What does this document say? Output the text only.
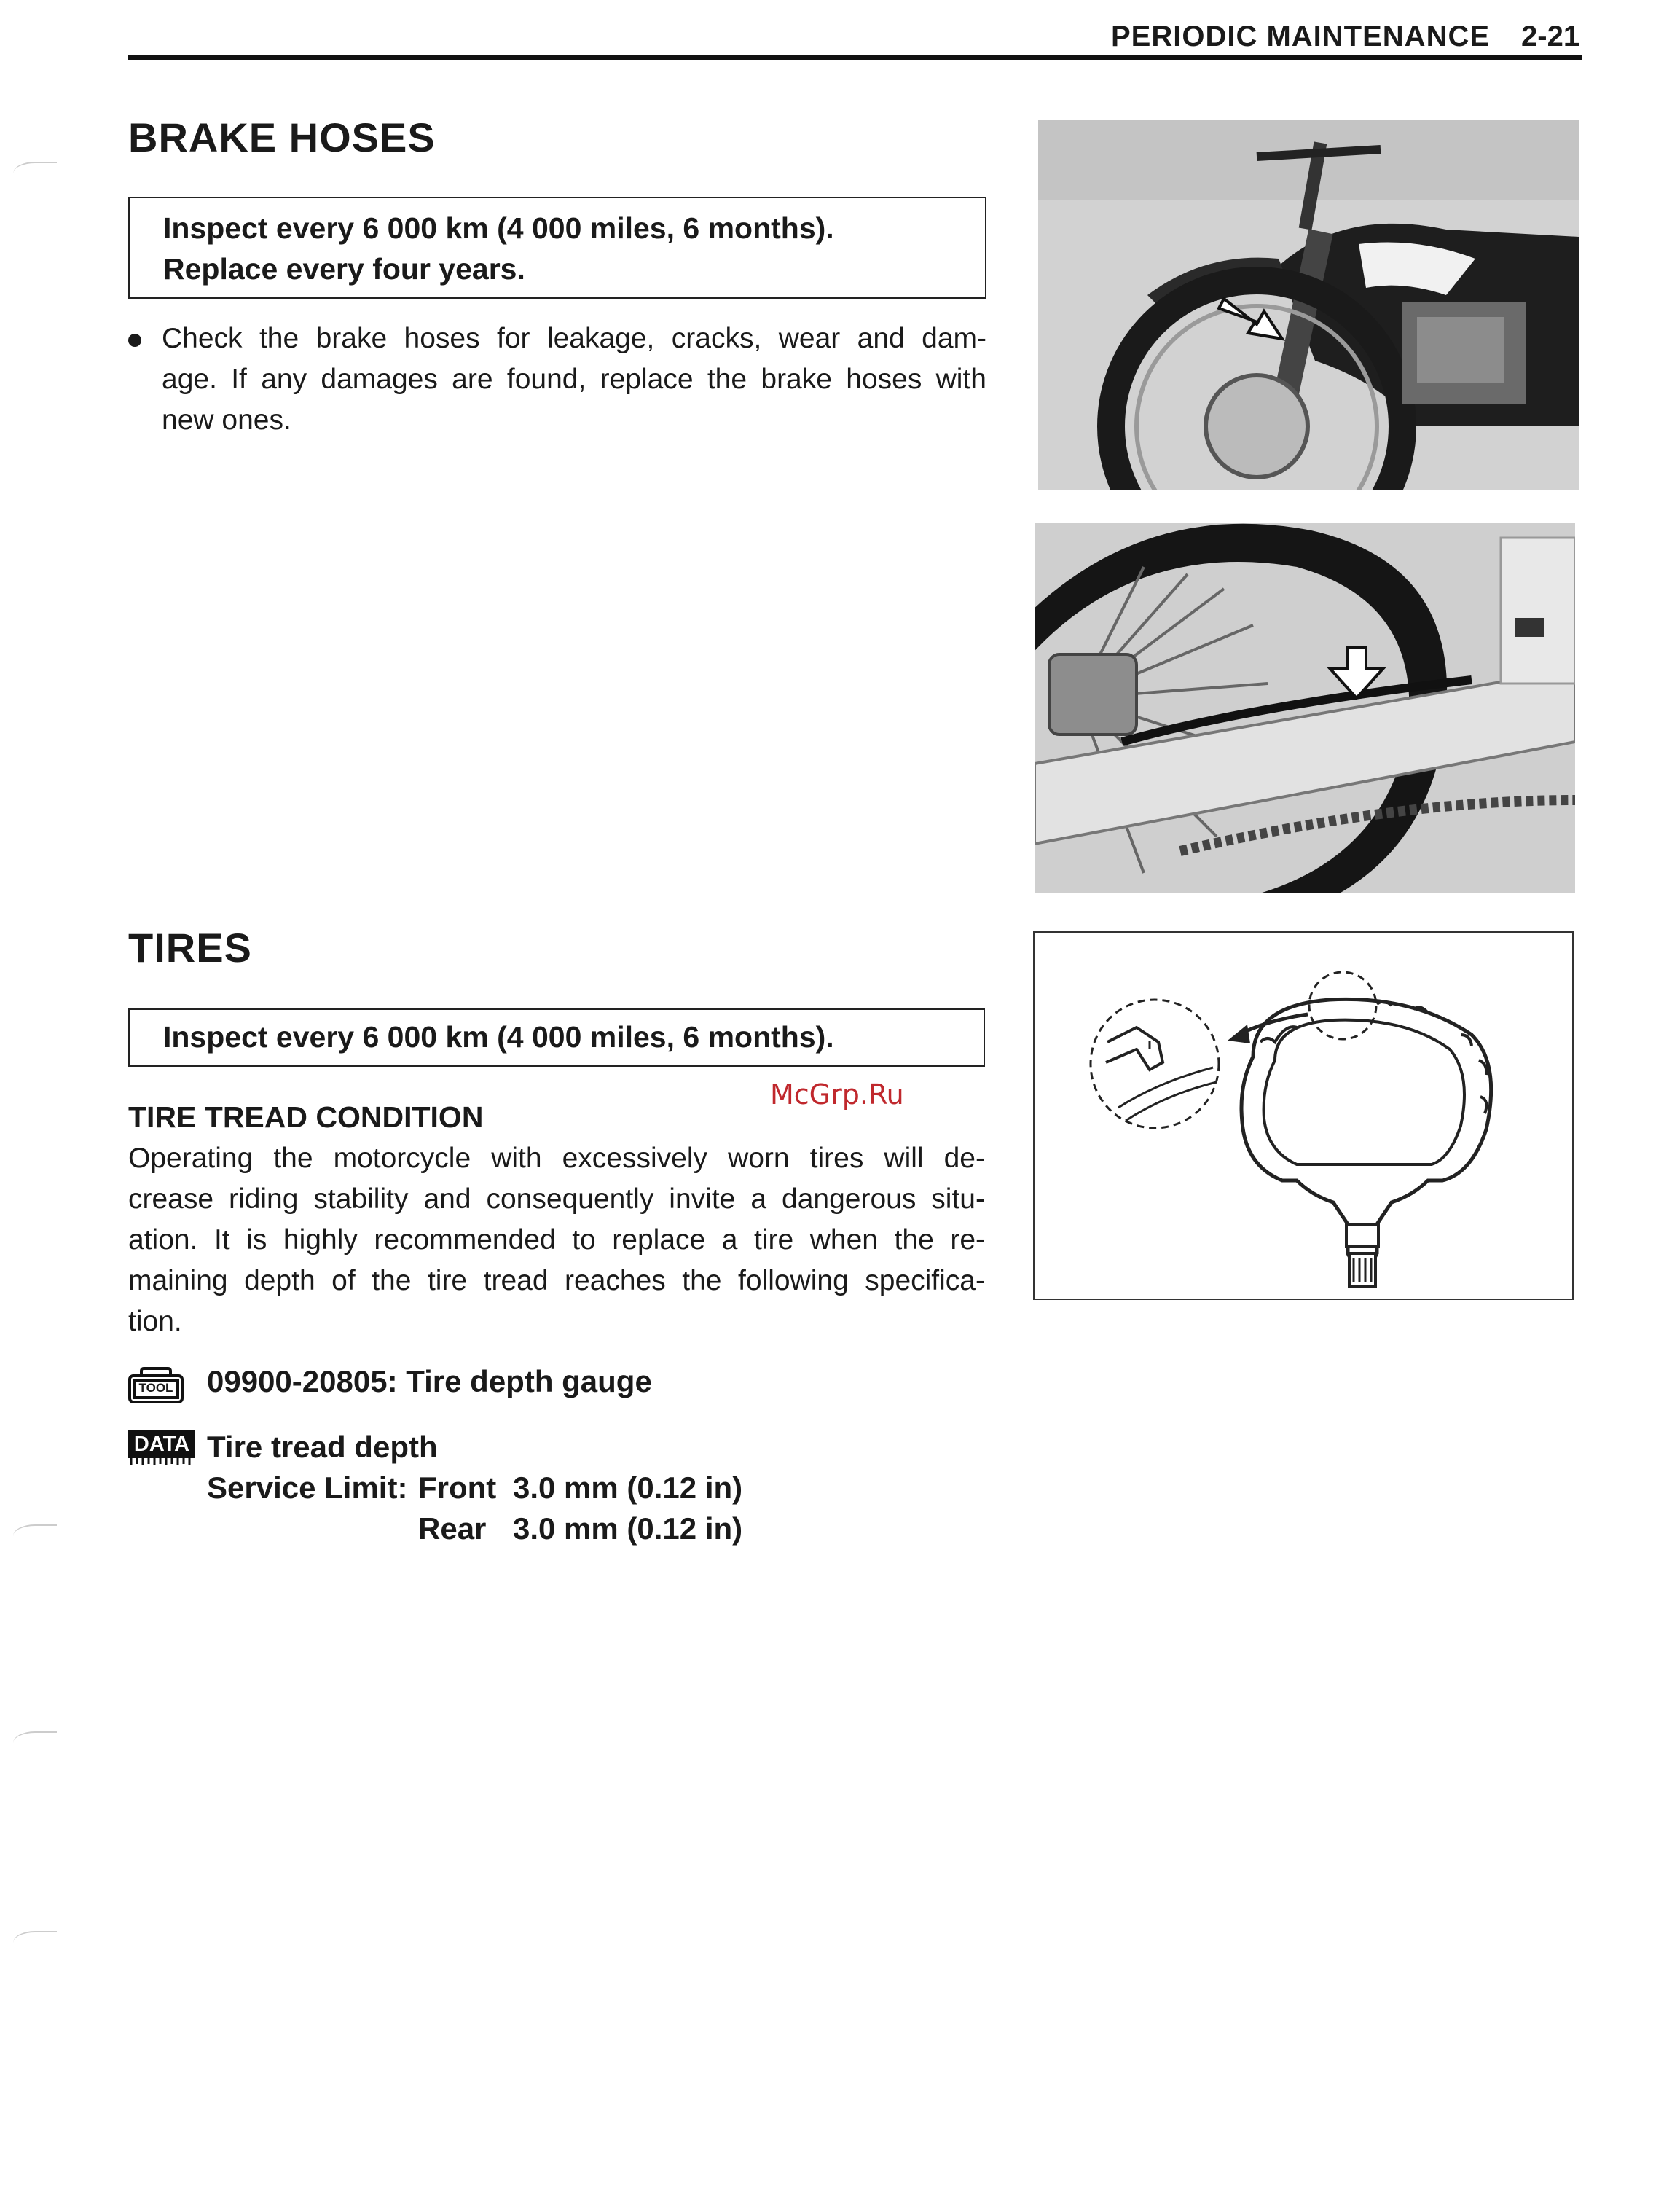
PERIODIC MAINTENANCE 2-21
BRAKE HOSES
Inspect every 6 000 km (4 000 miles, 6 months).
Replace every four years.
Check the brake hoses for leakage, cracks, wear and dam-
age. If any damages are found, replace the brake hoses with
new ones.
TIRES
Inspect every 6 000 km (4 000 miles, 6 months).
McGrp.Ru
TIRE TREAD CONDITION
Operating the motorcycle with excessively worn tires will de-
crease riding stability and consequently invite a dangerous situ-
ation. It is highly recommended to replace a tire when the re-
maining depth of the tire tread reaches the following specifica-
tion.
TOOL 09900-20805: Tire depth gauge
DATA Tire tread depth
Service Limit: Front 3.0 mm (0.12 in)
Rear 3.0 mm (0.12 in)
